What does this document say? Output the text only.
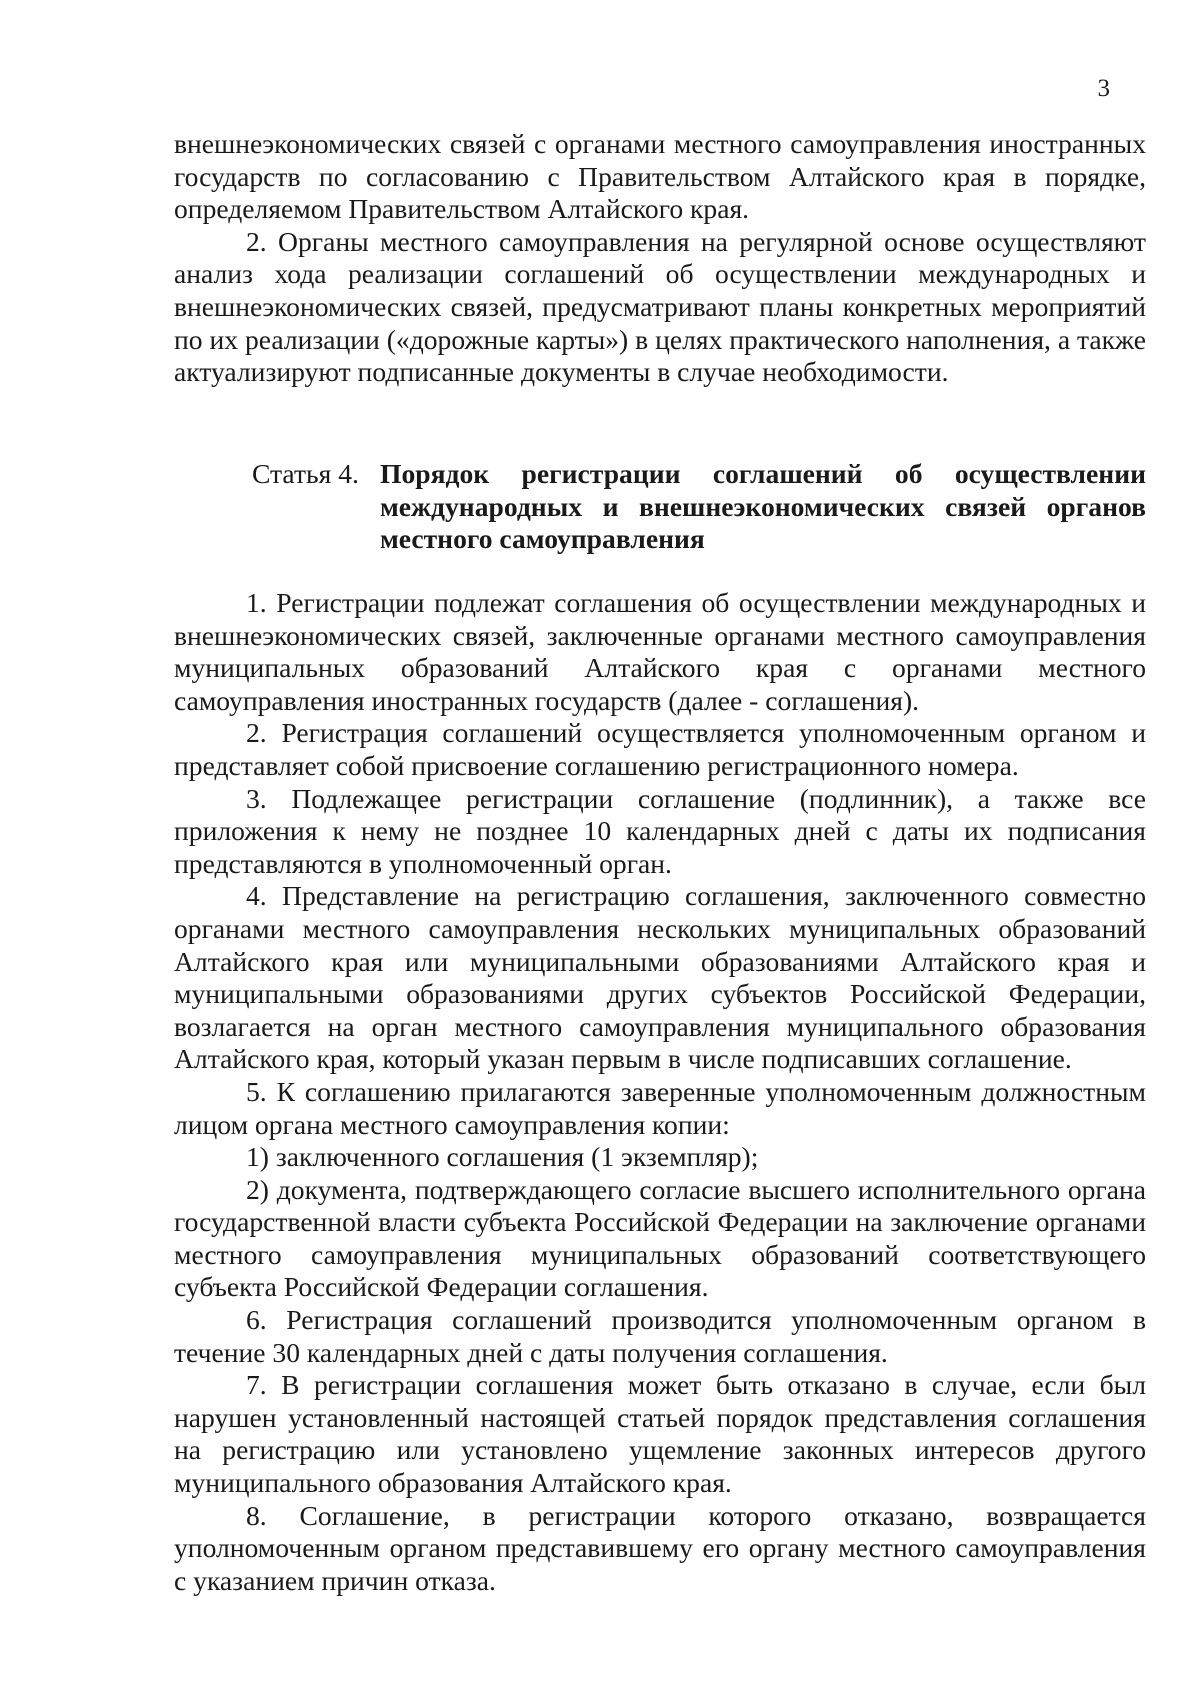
3

внешнеэкономических связей с органами местного самоуправления иностранных государств по согласованию с Правительством Алтайского края в порядке, определяемом Правительством Алтайского края.

2. Органы местного самоуправления на регулярной основе осуществляют анализ хода реализации соглашений об осуществлении международных и внешнеэкономических связей, предусматривают планы конкретных мероприятий по их реализации («дорожные карты») в целях практического наполнения, а также актуализируют подписанные документы в случае необходимости.

Статья 4. Порядок регистрации соглашений об осуществлении международных и внешнеэкономических связей органов местного самоуправления

1. Регистрации подлежат соглашения об осуществлении международных и внешнеэкономических связей, заключенные органами местного самоуправления муниципальных образований Алтайского края с органами местного самоуправления иностранных государств (далее - соглашения).

2. Регистрация соглашений осуществляется уполномоченным органом и представляет собой присвоение соглашению регистрационного номера.

3. Подлежащее регистрации соглашение (подлинник), а также все приложения к нему не позднее 10 календарных дней с даты их подписания представляются в уполномоченный орган.

4. Представление на регистрацию соглашения, заключенного совместно органами местного самоуправления нескольких муниципальных образований Алтайского края или муниципальными образованиями Алтайского края и муниципальными образованиями других субъектов Российской Федерации, возлагается на орган местного самоуправления муниципального образования Алтайского края, который указан первым в числе подписавших соглашение.

5. К соглашению прилагаются заверенные уполномоченным должностным лицом органа местного самоуправления копии:

1) заключенного соглашения (1 экземпляр);

2) документа, подтверждающего согласие высшего исполнительного органа государственной власти субъекта Российской Федерации на заключение органами местного самоуправления муниципальных образований соответствующего субъекта Российской Федерации соглашения.

6. Регистрация соглашений производится уполномоченным органом в течение 30 календарных дней с даты получения соглашения.

7. В регистрации соглашения может быть отказано в случае, если был нарушен установленный настоящей статьей порядок представления соглашения на регистрацию или установлено ущемление законных интересов другого муниципального образования Алтайского края.

8. Соглашение, в регистрации которого отказано, возвращается уполномоченным органом представившему его органу местного самоуправления с указанием причин отказа.
